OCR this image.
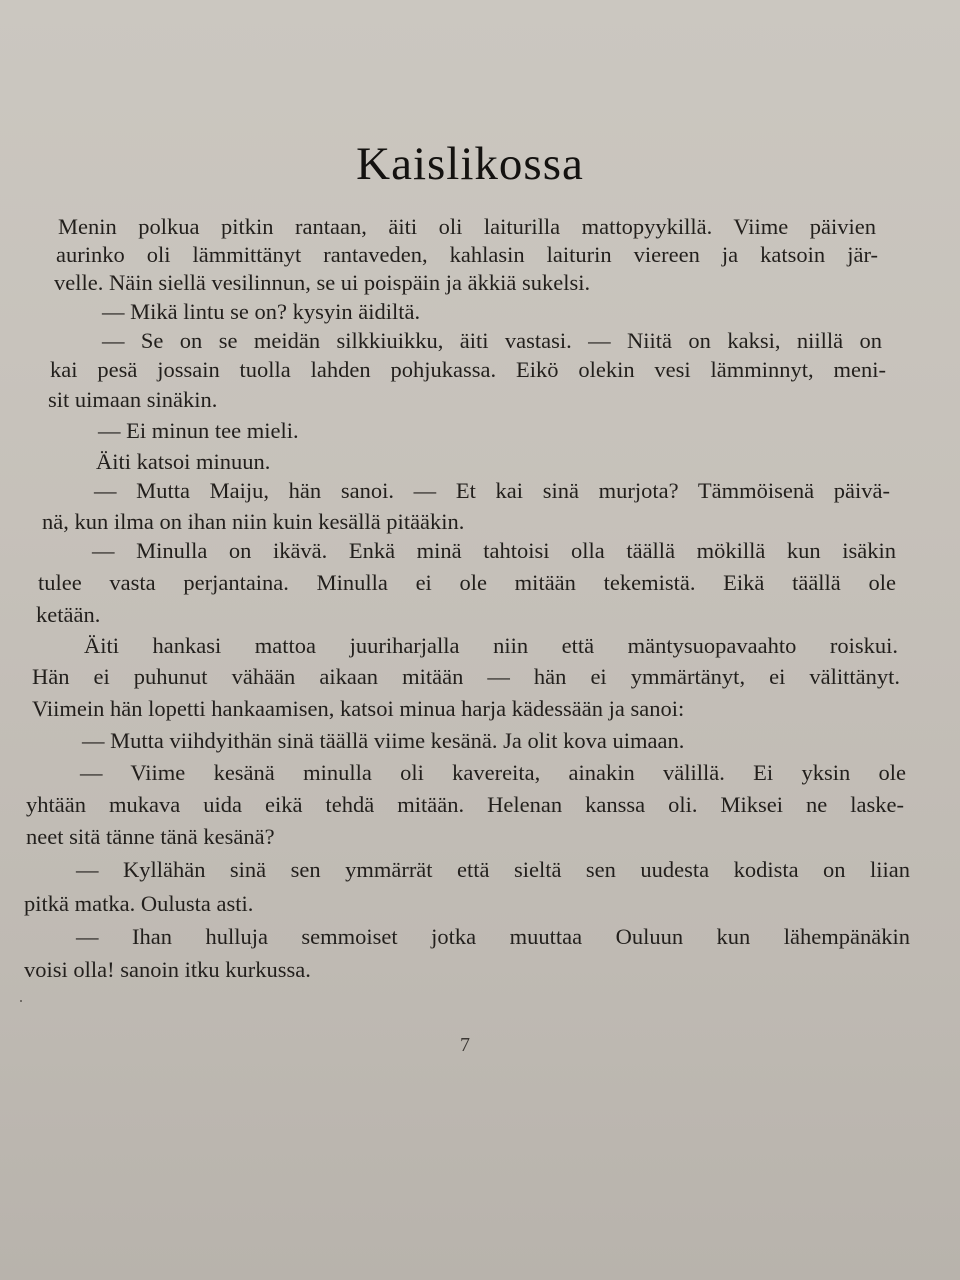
Kaislikossa
Menin polkua pitkin rantaan, äiti oli laiturilla mattopyykillä. Viime päivien
aurinko oli lämmittänyt rantaveden, kahlasin laiturin viereen ja katsoin jär-
velle. Näin siellä vesilinnun, se ui poispäin ja äkkiä sukelsi.
— Mikä lintu se on? kysyin äidiltä.
— Se on se meidän silkkiuikku, äiti vastasi. — Niitä on kaksi, niillä on
kai pesä jossain tuolla lahden pohjukassa. Eikö olekin vesi lämminnyt, meni-
sit uimaan sinäkin.
— Ei minun tee mieli.
Äiti katsoi minuun.
— Mutta Maiju, hän sanoi. — Et kai sinä murjota? Tämmöisenä päivä-
nä, kun ilma on ihan niin kuin kesällä pitääkin.
— Minulla on ikävä. Enkä minä tahtoisi olla täällä mökillä kun isäkin
tulee vasta perjantaina. Minulla ei ole mitään tekemistä. Eikä täällä ole
ketään.
Äiti hankasi mattoa juuriharjalla niin että mäntysuopavaahto roiskui.
Hän ei puhunut vähään aikaan mitään — hän ei ymmärtänyt, ei välittänyt.
Viimein hän lopetti hankaamisen, katsoi minua harja kädessään ja sanoi:
— Mutta viihdyithän sinä täällä viime kesänä. Ja olit kova uimaan.
— Viime kesänä minulla oli kavereita, ainakin välillä. Ei yksin ole
yhtään mukava uida eikä tehdä mitään. Helenan kanssa oli. Miksei ne laske-
neet sitä tänne tänä kesänä?
— Kyllähän sinä sen ymmärrät että sieltä sen uudesta kodista on liian
pitkä matka. Oulusta asti.
— Ihan hulluja semmoiset jotka muuttaa Ouluun kun lähempänäkin
voisi olla! sanoin itku kurkussa.
7
